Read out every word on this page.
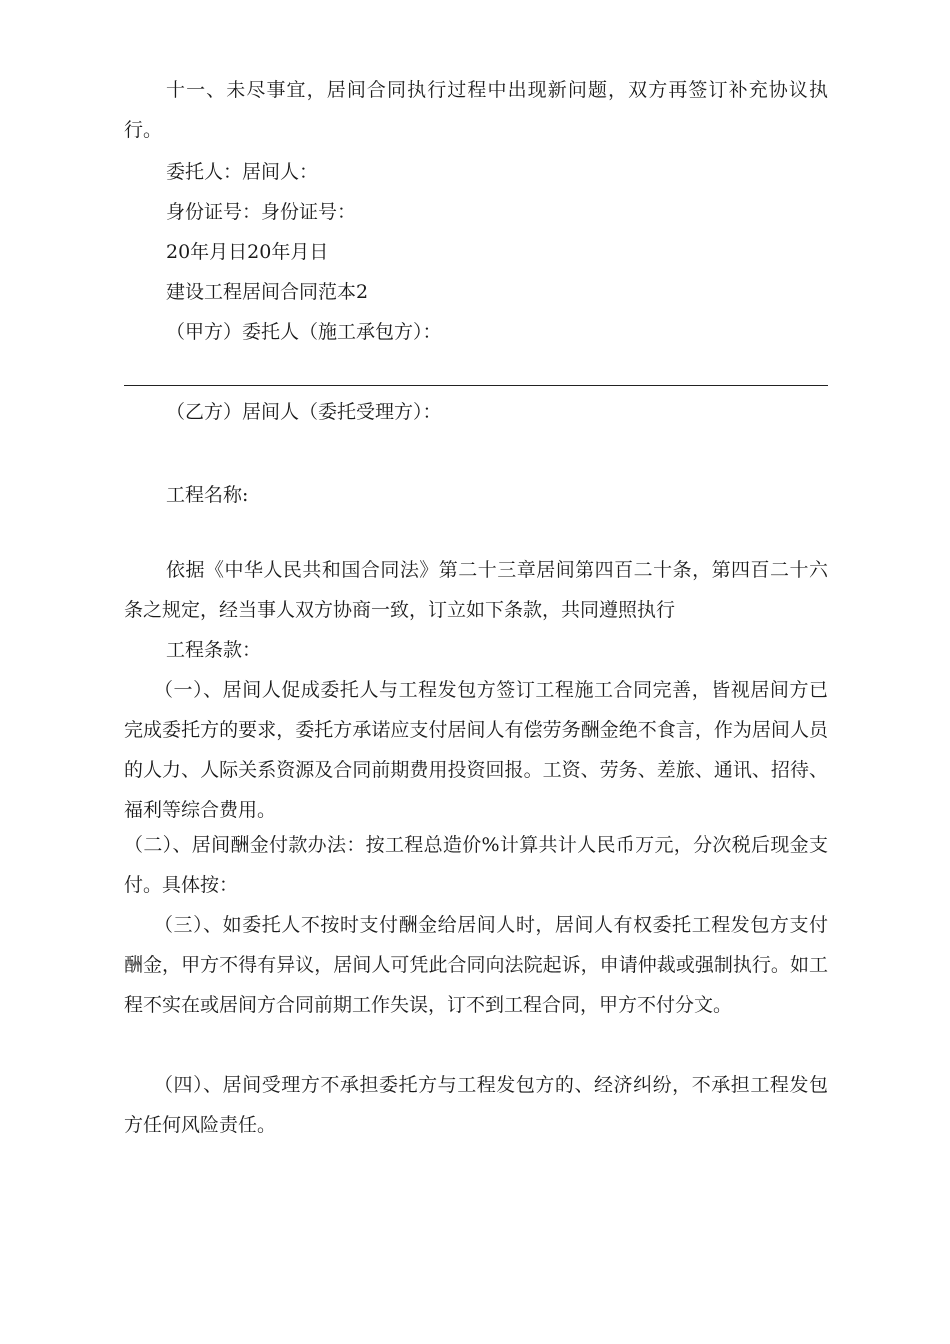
十一、未尽事宜，居间合同执行过程中出现新问题，双方再签订补充协议执行。

委托人：居间人：

身份证号：身份证号：

20年月日20年月日

建设工程居间合同范本2

（甲方）委托人（施工承包方）：

（乙方）居间人（委托受理方）：

工程名称:

依据《中华人民共和国合同法》第二十三章居间第四百二十条，第四百二十六条之规定，经当事人双方协商一致，订立如下条款，共同遵照执行

工程条款：

（一）、居间人促成委托人与工程发包方签订工程施工合同完善，皆视居间方已完成委托方的要求，委托方承诺应支付居间人有偿劳务酬金绝不食言，作为居间人员的人力、人际关系资源及合同前期费用投资回报。工资、劳务、差旅、通讯、招待、福利等综合费用。

（二）、居间酬金付款办法：按工程总造价%计算共计人民币万元，分次税后现金支付。具体按：

（三）、如委托人不按时支付酬金给居间人时，居间人有权委托工程发包方支付酬金，甲方不得有异议，居间人可凭此合同向法院起诉，申请仲裁或强制执行。如工程不实在或居间方合同前期工作失误，订不到工程合同，甲方不付分文。

（四）、居间受理方不承担委托方与工程发包方的、经济纠纷，不承担工程发包方任何风险责任。
